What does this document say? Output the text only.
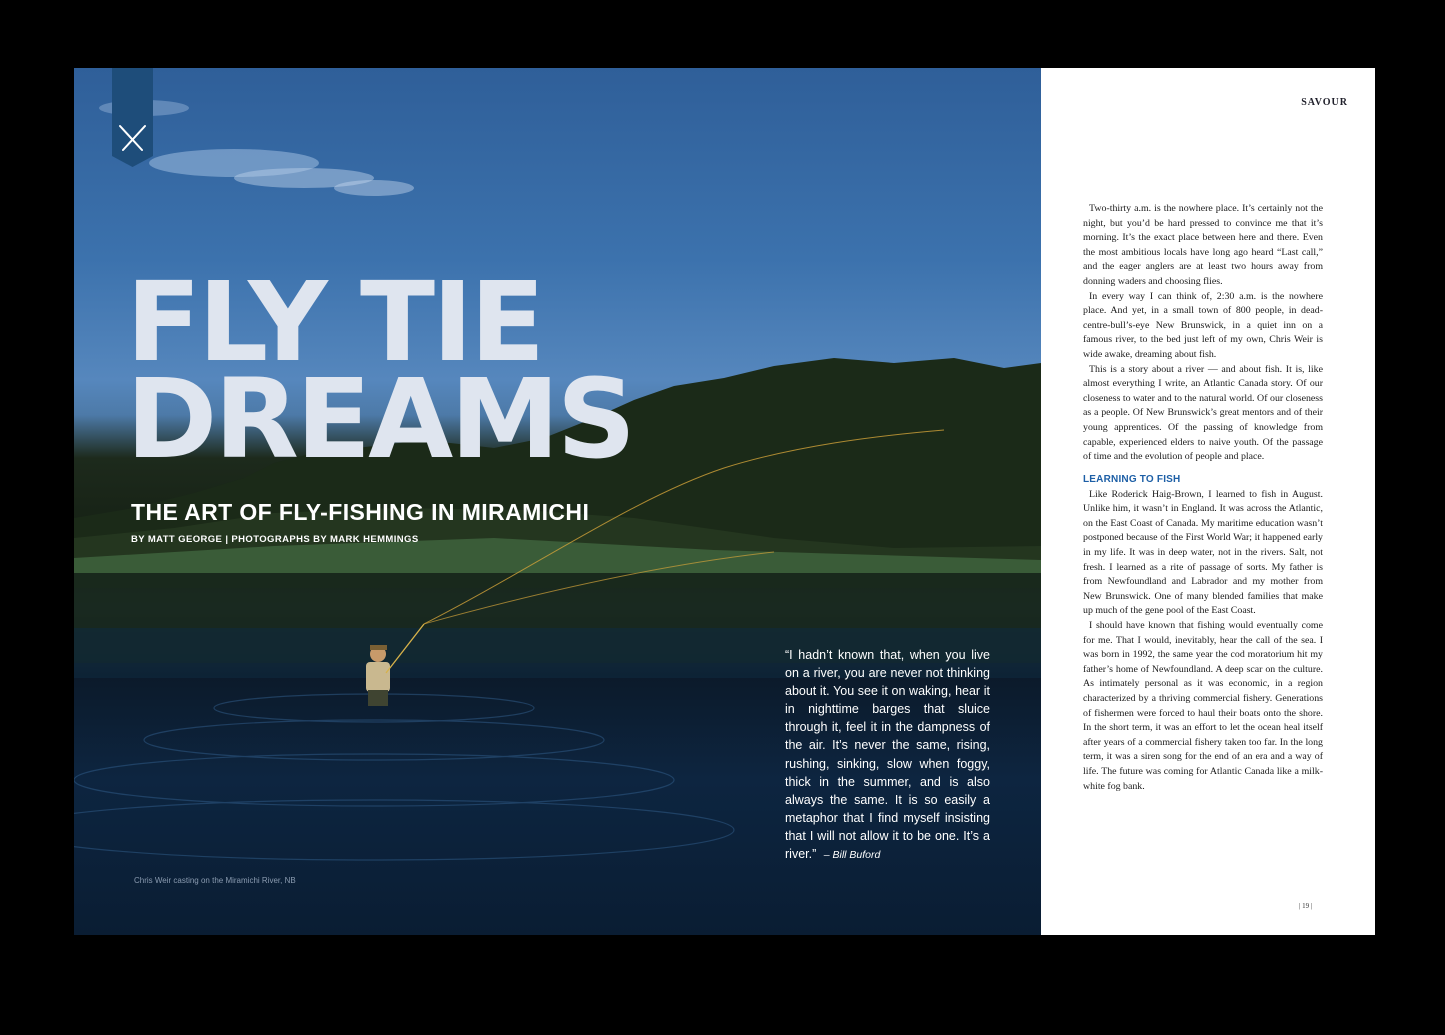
FLY TIE
DREAMS
THE ART OF FLY-FISHING IN MIRAMICHI
BY MATT GEORGE | PHOTOGRAPHS BY MARK HEMMINGS
“I hadn’t known that, when you live on a river, you are never not thinking about it. You see it on waking, hear it in nighttime barges that sluice through it, feel it in the dampness of the air. It’s never the same, rising, rushing, sinking, slow when foggy, thick in the summer, and is also always the same. It is so easily a metaphor that I find myself insisting that I will not allow it to be one. It’s a river.” – Bill Buford
Chris Weir casting on the Miramichi River, NB
SAVOUR

Two-thirty a.m. is the nowhere place. It’s certainly not the night, but you’d be hard pressed to convince me that it’s morning. It’s the exact place between here and there. Even the most ambitious locals have long ago heard “Last call,” and the eager anglers are at least two hours away from donning waders and choosing flies.

In every way I can think of, 2:30 a.m. is the nowhere place. And yet, in a small town of 800 people, in dead-centre-bull’s-eye New Brunswick, in a quiet inn on a famous river, to the bed just left of my own, Chris Weir is wide awake, dreaming about fish.

This is a story about a river — and about fish. It is, like almost everything I write, an Atlantic Canada story. Of our closeness to water and to the natural world. Of our closeness as a people. Of New Brunswick’s great mentors and of their young apprentices. Of the passing of knowledge from capable, experienced elders to naive youth. Of the passage of time and the evolution of people and place.

LEARNING TO FISH

Like Roderick Haig-Brown, I learned to fish in August. Unlike him, it wasn’t in England. It was across the Atlantic, on the East Coast of Canada. My maritime education wasn’t postponed because of the First World War; it happened early in my life. It was in deep water, not in the rivers. Salt, not fresh. I learned as a rite of passage of sorts. My father is from Newfoundland and Labrador and my mother from New Brunswick. One of many blended families that make up much of the gene pool of the East Coast.

I should have known that fishing would eventually come for me. That I would, inevitably, hear the call of the sea. I was born in 1992, the same year the cod moratorium hit my father’s home of Newfoundland. A deep scar on the culture. As intimately personal as it was economic, in a region characterized by a thriving commercial fishery. Generations of fishermen were forced to haul their boats onto the shore. In the short term, it was an effort to let the ocean heal itself after years of a commercial fishery taken too far. In the long term, it was a siren song for the end of an era and a way of life. The future was coming for Atlantic Canada like a milk-white fog bank.

| 19 |
